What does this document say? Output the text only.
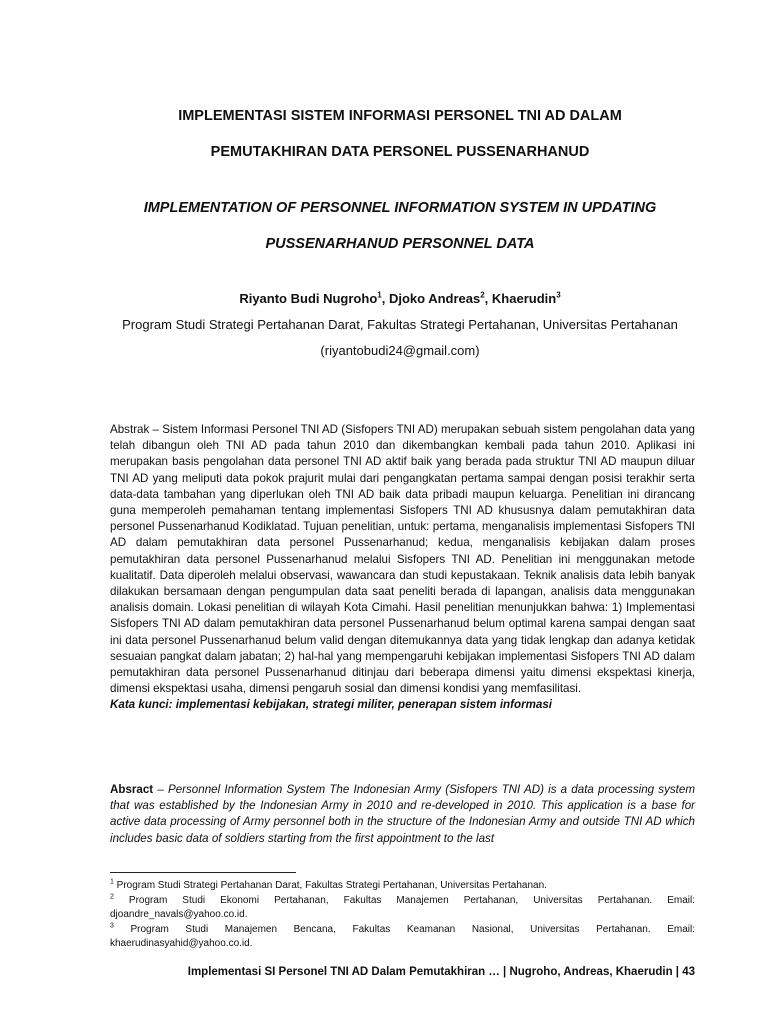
IMPLEMENTASI SISTEM INFORMASI PERSONEL TNI AD DALAM
PEMUTAKHIRAN DATA PERSONEL PUSSENARHANUD
IMPLEMENTATION OF PERSONNEL INFORMATION SYSTEM IN UPDATING
PUSSENARHANUD PERSONNEL DATA
Riyanto Budi Nugroho$^1$, Djoko Andreas$^2$, Khaerudin$^3$
Program Studi Strategi Pertahanan Darat, Fakultas Strategi Pertahanan, Universitas Pertahanan
(riyantobudi24@gmail.com)

Abstrak – Sistem Informasi Personel TNI AD (Sisfopers TNI AD) merupakan sebuah sistem pengolahan data yang telah dibangun oleh TNI AD pada tahun 2010 dan dikembangkan kembali pada tahun 2010. Aplikasi ini merupakan basis pengolahan data personel TNI AD aktif baik yang berada pada struktur TNI AD maupun diluar TNI AD yang meliputi data pokok prajurit mulai dari pengangkatan pertama sampai dengan posisi terakhir serta data-data tambahan yang diperlukan oleh TNI AD baik data pribadi maupun keluarga. Penelitian ini dirancang guna memperoleh pemahaman tentang implementasi Sisfopers TNI AD khususnya dalam pemutakhiran data personel Pussenarhanud Kodiklatad. Tujuan penelitian, untuk: pertama, menganalisis implementasi Sisfopers TNI AD dalam pemutakhiran data personel Pussenarhanud; kedua, menganalisis kebijakan dalam proses pemutakhiran data personel Pussenarhanud melalui Sisfopers TNI AD. Penelitian ini menggunakan metode kualitatif. Data diperoleh melalui observasi, wawancara dan studi kepustakaan. Teknik analisis data lebih banyak dilakukan bersamaan dengan pengumpulan data saat peneliti berada di lapangan, analisis data menggunakan analisis domain. Lokasi penelitian di wilayah Kota Cimahi. Hasil penelitian menunjukkan bahwa: 1) Implementasi Sisfopers TNI AD dalam pemutakhiran data personel Pussenarhanud belum optimal karena sampai dengan saat ini data personel Pussenarhanud belum valid dengan ditemukannya data yang tidak lengkap dan adanya ketidak sesuaian pangkat dalam jabatan; 2) hal-hal yang mempengaruhi kebijakan implementasi Sisfopers TNI AD dalam pemutakhiran data personel Pussenarhanud ditinjau dari beberapa dimensi yaitu dimensi ekspektasi kinerja, dimensi ekspektasi usaha, dimensi pengaruh sosial dan dimensi kondisi yang memfasilitasi.

Kata kunci: implementasi kebijakan, strategi militer, penerapan sistem informasi

Absract – Personnel Information System The Indonesian Army (Sisfopers TNI AD) is a data processing system that was established by the Indonesian Army in 2010 and re-developed in 2010. This application is a base for active data processing of Army personnel both in the structure of the Indonesian Army and outside TNI AD which includes basic data of soldiers starting from the first appointment to the last

$^1$ Program Studi Strategi Pertahanan Darat, Fakultas Strategi Pertahanan, Universitas Pertahanan.

$^2$ Program Studi Ekonomi Pertahanan, Fakultas Manajemen Pertahanan, Universitas Pertahanan. Email: djoandre_navals@yahoo.co.id.

$^3$ Program Studi Manajemen Bencana, Fakultas Keamanan Nasional, Universitas Pertahanan. Email: khaerudinasyahid@yahoo.co.id.

Implementasi SI Personel TNI AD Dalam Pemutakhiran … | Nugroho, Andreas, Khaerudin | 43
